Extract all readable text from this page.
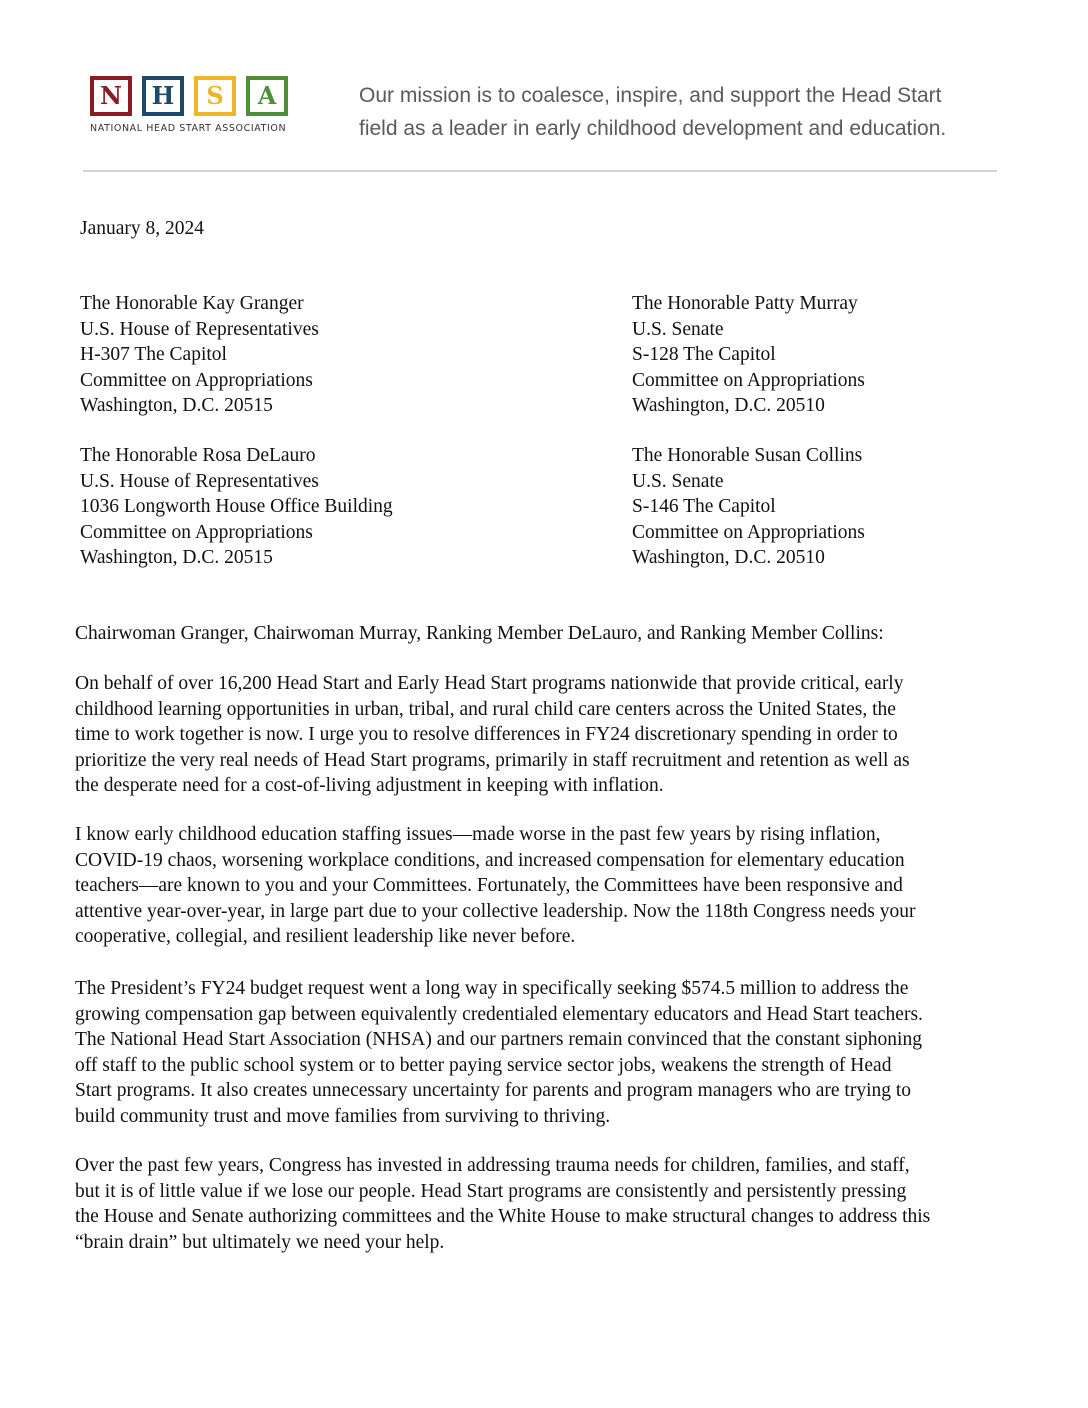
N	H	S	A
NATIONAL HEAD START ASSOCIATION
Our mission is to coalesce, inspire, and support the Head Start
field as a leader in early childhood development and education.
January 8, 2024
The Honorable Kay Granger
U.S. House of Representatives
H-307 The Capitol
Committee on Appropriations
Washington, D.C. 20515
The Honorable Patty Murray
U.S. Senate
S-128 The Capitol
Committee on Appropriations
Washington, D.C. 20510
The Honorable Rosa DeLauro
U.S. House of Representatives
1036 Longworth House Office Building
Committee on Appropriations
Washington, D.C. 20515
The Honorable Susan Collins
U.S. Senate
S-146 The Capitol
Committee on Appropriations
Washington, D.C. 20510
Chairwoman Granger, Chairwoman Murray, Ranking Member DeLauro, and Ranking Member Collins:
On behalf of over 16,200 Head Start and Early Head Start programs nationwide that provide critical, early
childhood learning opportunities in urban, tribal, and rural child care centers across the United States, the
time to work together is now. I urge you to resolve differences in FY24 discretionary spending in order to
prioritize the very real needs of Head Start programs, primarily in staff recruitment and retention as well as
the desperate need for a cost-of-living adjustment in keeping with inflation.
I know early childhood education staffing issues—made worse in the past few years by rising inflation,
COVID-19 chaos, worsening workplace conditions, and increased compensation for elementary education
teachers—are known to you and your Committees. Fortunately, the Committees have been responsive and
attentive year-over-year, in large part due to your collective leadership. Now the 118th Congress needs your
cooperative, collegial, and resilient leadership like never before.
The President’s FY24 budget request went a long way in specifically seeking $574.5 million to address the
growing compensation gap between equivalently credentialed elementary educators and Head Start teachers.
The National Head Start Association (NHSA) and our partners remain convinced that the constant siphoning
off staff to the public school system or to better paying service sector jobs, weakens the strength of Head
Start programs. It also creates unnecessary uncertainty for parents and program managers who are trying to
build community trust and move families from surviving to thriving.
Over the past few years, Congress has invested in addressing trauma needs for children, families, and staff,
but it is of little value if we lose our people. Head Start programs are consistently and persistently pressing
the House and Senate authorizing committees and the White House to make structural changes to address this
“brain drain” but ultimately we need your help.
